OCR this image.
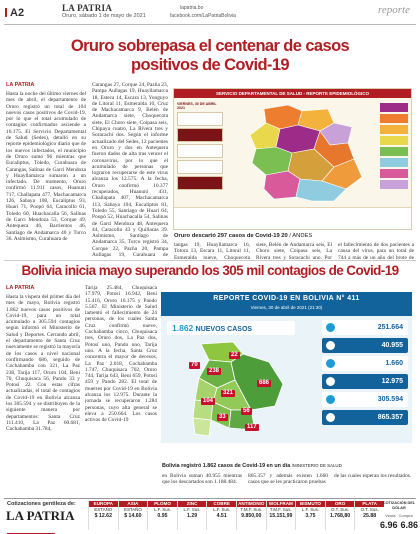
A2	LA PATRIA
Oruro, sábado 1 de mayo de 2021
lapatria.bo
facebook.com/LaPatriaBolivia	reporte
Oruro sobrepasa el centenar de casos positivos de Covid-19
LA PATRIA
Hasta la noche del último viernes del mes de abril, el departamento de Oruro registró un total de 104 nuevos casos positivos de Covid-19, por lo que el total acumulado de contagios confirmados asciende a 16.175. El Servicio Departamental de Salud (Sedes), detalló en su reporte epidemiológico diario que de los nuevos infectados, el municipio de Oruro sumó 96 mientras que Eucaliptus, Toledo, Curahuara de Carangas, Salinas de Garci Mendoza y Huayllamarca sumaron a un infectado. De momento, Oruro confirmó 11.911 casos, Huanuni 717, Challapata 477, Machacamarca 126, Sabaya 108, Eucaliptus 93, Huari 71, Poopó 64, Caracollo 61, Toledo 60, Huachacalla 56, Salinas de Garci Mendoza 53, Corque 49, Antequera 46, Barrientos 46, Santiago de Andamarca 40 y Turco 36. Asimismo, Curahuara de
Carangas 27, Corque 24, Pazña 23, Pampa Aullagas 19, Huayllamarca 18, Esteca 14, Escara 13, Yunguyo de Litoral 11, Esmeralda 10, Cruz de Machacamarca 9, Belén de Andamarca siete, Choquecota siete, El Choro siete, Coipasa seis, Chipaya cuatro, La Rivera tres y Soracachi dos. Según el informe actualizado del Sedes, 12 pacientes en Oruro y dos en Antequera fueron dados de alta tras vencer el coronavirus, por lo que el acumulado de personas que lograron recuperarse de este virus alcanza los 12.575. A la fecha, Oruro confirmó 10.377 recuperados, Huanuni 431, Challapata 407, Machacamarca 113, Sabaya 104, Eucaliptus 81, Toledo 55, Santiago de Huari 64, Poopó 52, Huachacalla 54, Salinas de Garci Mendoza 48, Antequera 44, Caracollo 43 y Quillacas 39. Asimismo, Santiago de Andamarca 35, Turco registró 34, Corque 22, Pazña 20, Pampa Aullagas 19, Curahuara de
SERVICIO DEPARTAMENTAL DE SALUD - REPORTE EPIDEMIOLÓGICO
VIERNES, 30 DE ABRIL 2021
Oruro descartó 297 casos de Covid-19 20 / ANDES
tangas 19, Huayllamarca 16, Totora 13, Escara 11, Litoral 11, Esmeralda nueve, Choquecota
siete, Belén de Andamarca seis, El Choro siete, Coipasa seis, La Rivera tres y Soracachi uno. Por
el fallecimiento de dos pacientes a causa del virus, para un total de 744 a más de un año del brote de
Bolivia inicia mayo superando los 305 mil contagios de Covid-19
LA PATRIA
Hasta la víspera del primer día del mes de mayo, Bolivia registró 1.862 nuevos casos positivos de Covid-19, para un total acumulado a 305.594 contagios según informó el Ministerio de Salud y Deportes. Cerrando abril, el departamento de Santa Cruz nuevamente se registró la mayoría de los casos a nivel nacional confirmando 686, seguido de Cochabamba con 321, La Paz 238, Tarija 117, Oruro 104, Beni 70, Chuquisaca 56, Pando 33 y Potosí 22. Con estas cifras actualizadas, el total de contagios de Covid-19 en Bolivia alcanza los 305.594 y se distribuyen de la siguiente manera por departamentos: Santa Cruz 111.410, La Paz 60.681, Cochabamba 31.784,
Tarija 25.484, Chuquisaca 17.979, Potosí 16.942, Beni 15.416, Oruro 16.175 y Pando 5.567. El Ministerio de Salud lamentó el fallecimiento de 24 personas, de los cuales Santa Cruz confirmó nueve, Cochabamba cinco, Chuquisaca tres, Oruro dos, La Paz dos, Potosí uno, Pando uno, Tarija uno. A la fecha, Santa Cruz concentra el mayor de decesos, La Paz 2.018, Cochabamba 1.747, Chuquisaca 702, Oruro 744, Tarija 643, Beni 659, Potosí 459 y Pando 282. El total de muertes por Covid-19 en Bolivia alcanza los 12.975. Durante la jornada se recuperaron 1.284 personas, cuyo alta general se eleva a 250.664. Los casos activos de Covid-19
REPORTE COVID-19 EN BOLIVIA N° 411
Viernes, 30 de abril de 2021 (21:30)
1.862 NUEVOS CASOS
22
238
686
104
321
56
33
117
70
251.664
40.955
1.660
12.975
305.594
865.357
Bolivia registró 1.862 casos de Covid-19 en un día /MINISTERIO DE SALUD
en Bolivia suman 40.955 mientras que los descartados son 1.188.484.
865.357 y además existen 1.660 casos que se les practicaron pruebas
de las cuales esperan los resultados.
Cotizaciones gentileza de:
LA PATRIA
EUROPA
ESTAÑO
$ 12.62
ASIA
ESTAÑO
$ 14.60
PLOMO
L.F. Sus.
0.95
ZINC
L.F. Sus.
1.29
COBRE
L.F. Sus.
4.51
ANTIMONIO
T.M.F. Sus.
9.850,00
WOLFRAM
T.M.F. Sus.
15.151,99
BISMUTO
L.F. Sus.
3.75
ORO
O.T. Sus.
1.768,80
PLATA
O.T. Sus.
25.88
COTIZACIÓN DEL DÓLAR
Venta Compra
6.96 6.86
